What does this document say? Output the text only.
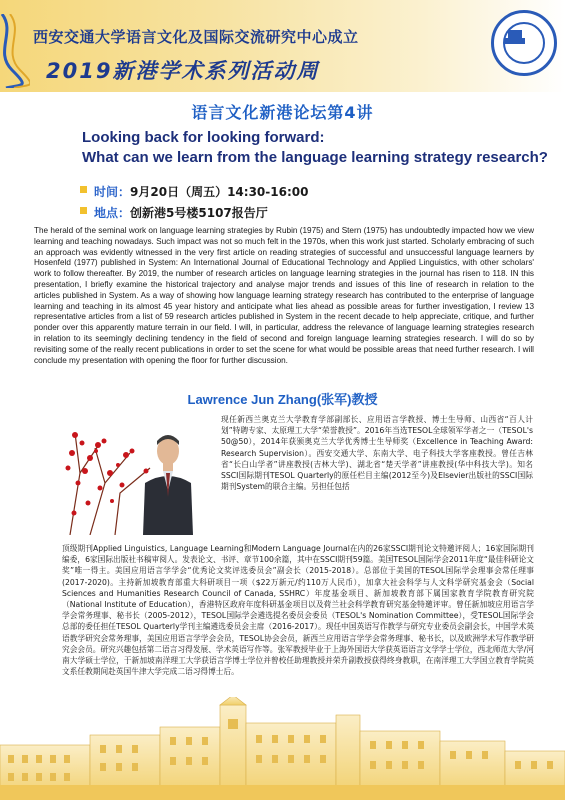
西安交通大学语言文化及国际交流研究中心成立
2019新港学术系列活动周
语言文化新港论坛第4讲
Looking back for looking forward:
What can we learn from the language learning strategy research?
时间：9月20日（周五）14:30-16:00
地点：创新港5号楼5107报告厅
The herald of the seminal work on language learning strategies by Rubin (1975) and Stern (1975) has undoubtedly impacted how we view learning and teaching nowadays. Such impact was not so much felt in the 1970s, when this work just started. Scholarly embracing of such an approach was evidently witnessed in the very first article on reading strategies of successful and unsuccessful language learners by Hosenfeld (1977) published in System: An International Journal of Educational Technology and Applied Linguistics, with other scholars' work to follow thereafter. By 2019, the number of research articles on language learning strategies in the journal has risen to 118. IN this presentation, I briefly examine the historical trajectory and analyse major trends and issues of this line of research in relation to the articles published in System. As a way of showing how language learning strategy research has contributed to the enterprise of language learning and teaching in its almost 45 year history and anticipate what lies ahead as possible areas for further investigation, I review 13 representative articles from a list of 59 research articles published in System in the recent decade to help appreciate, critique, and further ponder over this apparently mature terrain in our field. I will, in particular, address the relevance of language learning strategies research in relation to its seemingly declining tendency in the field of second and foreign language learning strategies research. I will do so by revisiting some of the really recent publications in order to set the scene for what would be possible areas that need further research. I will conclude my presentation with opening the floor for further discussion.
Lawrence Jun Zhang(张军)教授
现任新西兰奥克兰大学教育学部副部长、应用语言学教授、博士生导师、山西省“百人计划”特聘专家、太原理工大学“荣誉教授”。2016年当选TESOL全球领军学者之一（TESOL's 50@50），2014年获颁奥克兰大学优秀博士生导师奖（Excellence in Teaching Award: Research Supervision）。西安交通大学、东南大学、电子科技大学客座教授。曾任吉林省“长白山学者”讲座教授(吉林大学)、湖北省“楚天学者”讲座教授(华中科技大学)。知名SSCI国际期刊TESOL Quarterly的原任栏目主编(2012至今)及Elsevier出版社的SSCI国际期刊System的联合主编。另担任包括
顶级期刊Applied Linguistics, Language Learning和Modern Language Journal在内的26家SSCI期刊论文特邀评阅人；16家国际期刊编委，6家国际出版社书稿审阅人。发表论文、书评、章节100余篇，其中在SSCI期刊59篇。美国TESOL国际学会2011年度“最佳科研论文奖”唯一得主。美国应用语言学学会“优秀论文奖评选委员会”副会长（2015-2018）。总部位于美国的TESOL国际学会理事会常任理事(2017-2020)。主持新加坡教育部重大科研项目一项（$22万新元/约110万人民币），加拿大社会科学与人文科学研究基金会（Social Sciences and Humanities Research Council of Canada, SSHRC）年度基金项目、新加坡教育部下属国家教育学院教育研究院（National Institute of Education），香港特区政府年度科研基金项目以及荷兰社会科学教育研究基金特邀评审。曾任新加坡应用语言学学会常务理事、秘书长（2005-2012），TESOL国际学会遴选提名委员会委员（TESOL's Nomination Committee），受TESOL国际学会总部的委任担任TESOL Quarterly学刊主编遴选委员会主席（2016-2017）。现任中国英语写作教学与研究专业委员会副会长，中国学术英语教学研究会常务理事，美国应用语言学学会会员，TESOL协会会员，新西兰应用语言学学会常务理事、秘书长，以及欧洲学术写作教学研究会会员。研究兴趣包括第二语言习得发展、学术英语写作等。张军教授毕业于上海外国语大学获英语语言文学学士学位，西北师范大学/河南大学硕士学位，于新加坡南洋理工大学获语言学博士学位并曾校任助理教授并荣升副教授获得终身教职，在南洋理工大学国立教育学院英文系任教期间赴英国牛津大学完成二语习得博士后。
